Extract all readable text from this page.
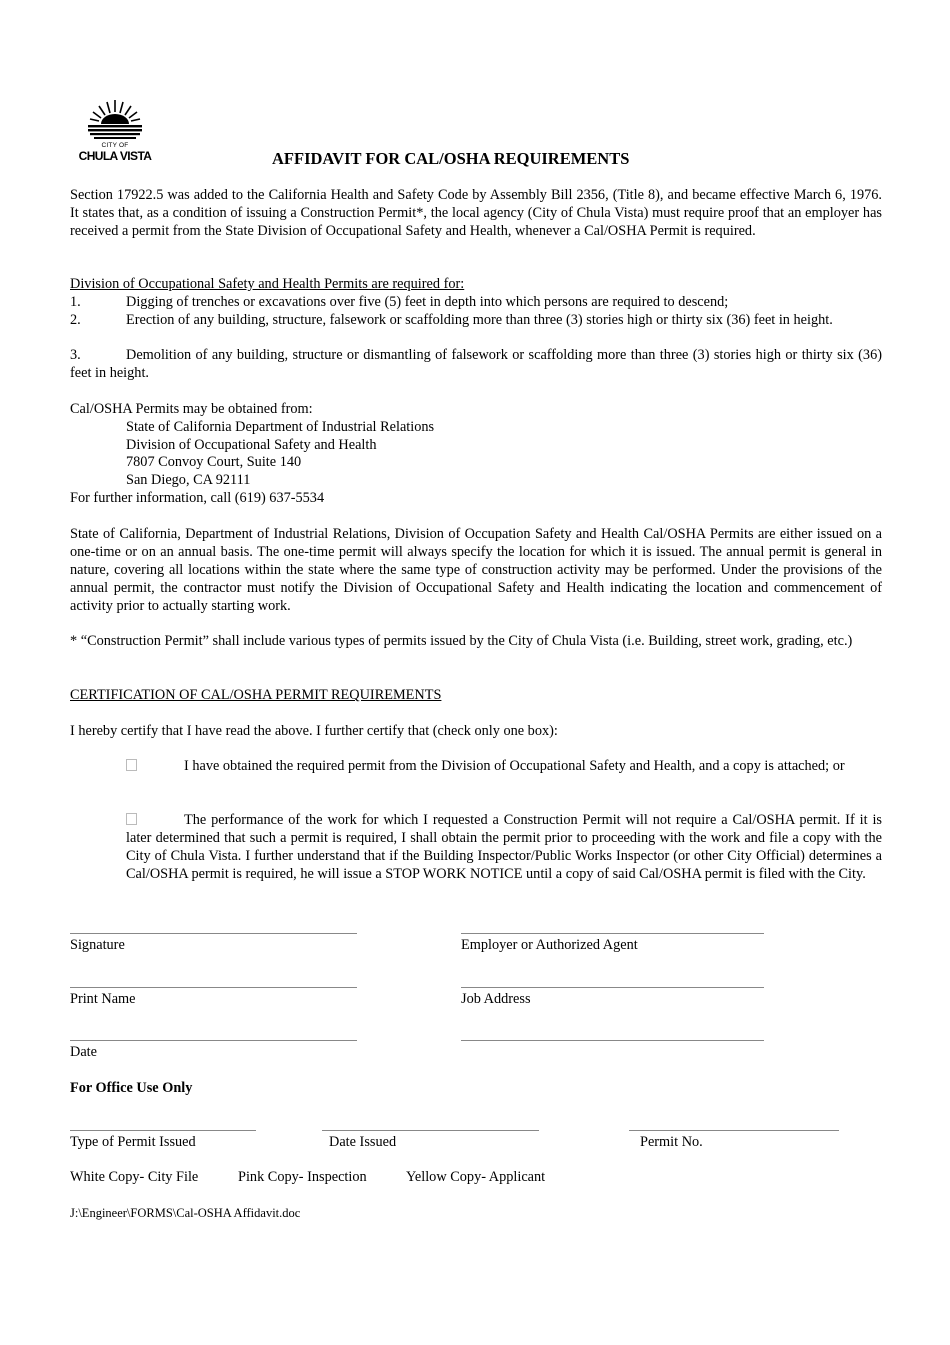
CITY OF
CHULA VISTA	AFFIDAVIT FOR CAL/OSHA REQUIREMENTS
Section 17922.5 was added to the California Health and Safety Code by Assembly Bill 2356, (Title 8), and became effective March 6, 1976. It states that, as a condition of issuing a Construction Permit*, the local agency (City of Chula Vista) must require proof that an employer has received a permit from the State Division of Occupational Safety and Health, whenever a Cal/OSHA Permit is required.
Division of Occupational Safety and Health Permits are required for:
1.	Digging of trenches or excavations over five (5) feet in depth into which persons are required to descend;
2.	Erection of any building, structure, falsework or scaffolding more than three (3) stories high or thirty six (36) feet in height.
3.	Demolition of any building, structure or dismantling of falsework or scaffolding more than three (3) stories high or thirty six (36) feet in height.
Cal/OSHA Permits may be obtained from:
State of California Department of Industrial Relations
Division of Occupational Safety and Health
7807 Convoy Court, Suite 140
San Diego, CA 92111
For further information, call (619) 637-5534
State of California, Department of Industrial Relations, Division of Occupation Safety and Health Cal/OSHA Permits are either issued on a one-time or on an annual basis. The one-time permit will always specify the location for which it is issued. The annual permit is general in nature, covering all locations within the state where the same type of construction activity may be performed. Under the provisions of the annual permit, the contractor must notify the Division of Occupational Safety and Health indicating the location and commencement of activity prior to actually starting work.
* “Construction Permit” shall include various types of permits issued by the City of Chula Vista (i.e. Building, street work, grading, etc.)
CERTIFICATION OF CAL/OSHA PERMIT REQUIREMENTS
I hereby certify that I have read the above. I further certify that (check only one box):
I have obtained the required permit from the Division of Occupational Safety and Health, and a copy is attached; or
The performance of the work for which I requested a Construction Permit will not require a Cal/OSHA permit. If it is later determined that such a permit is required, I shall obtain the permit prior to proceeding with the work and file a copy with the City of Chula Vista. I further understand that if the Building Inspector/Public Works Inspector (or other City Official) determines a Cal/OSHA permit is required, he will issue a STOP WORK NOTICE until a copy of said Cal/OSHA permit is filed with the City.
Signature	Employer or Authorized Agent
Print Name	Job Address
Date
For Office Use Only
Type of Permit Issued	Date Issued	Permit No.
White Copy- City File	Pink Copy- Inspection	Yellow Copy- Applicant
J:\Engineer\FORMS\Cal-OSHA Affidavit.doc
